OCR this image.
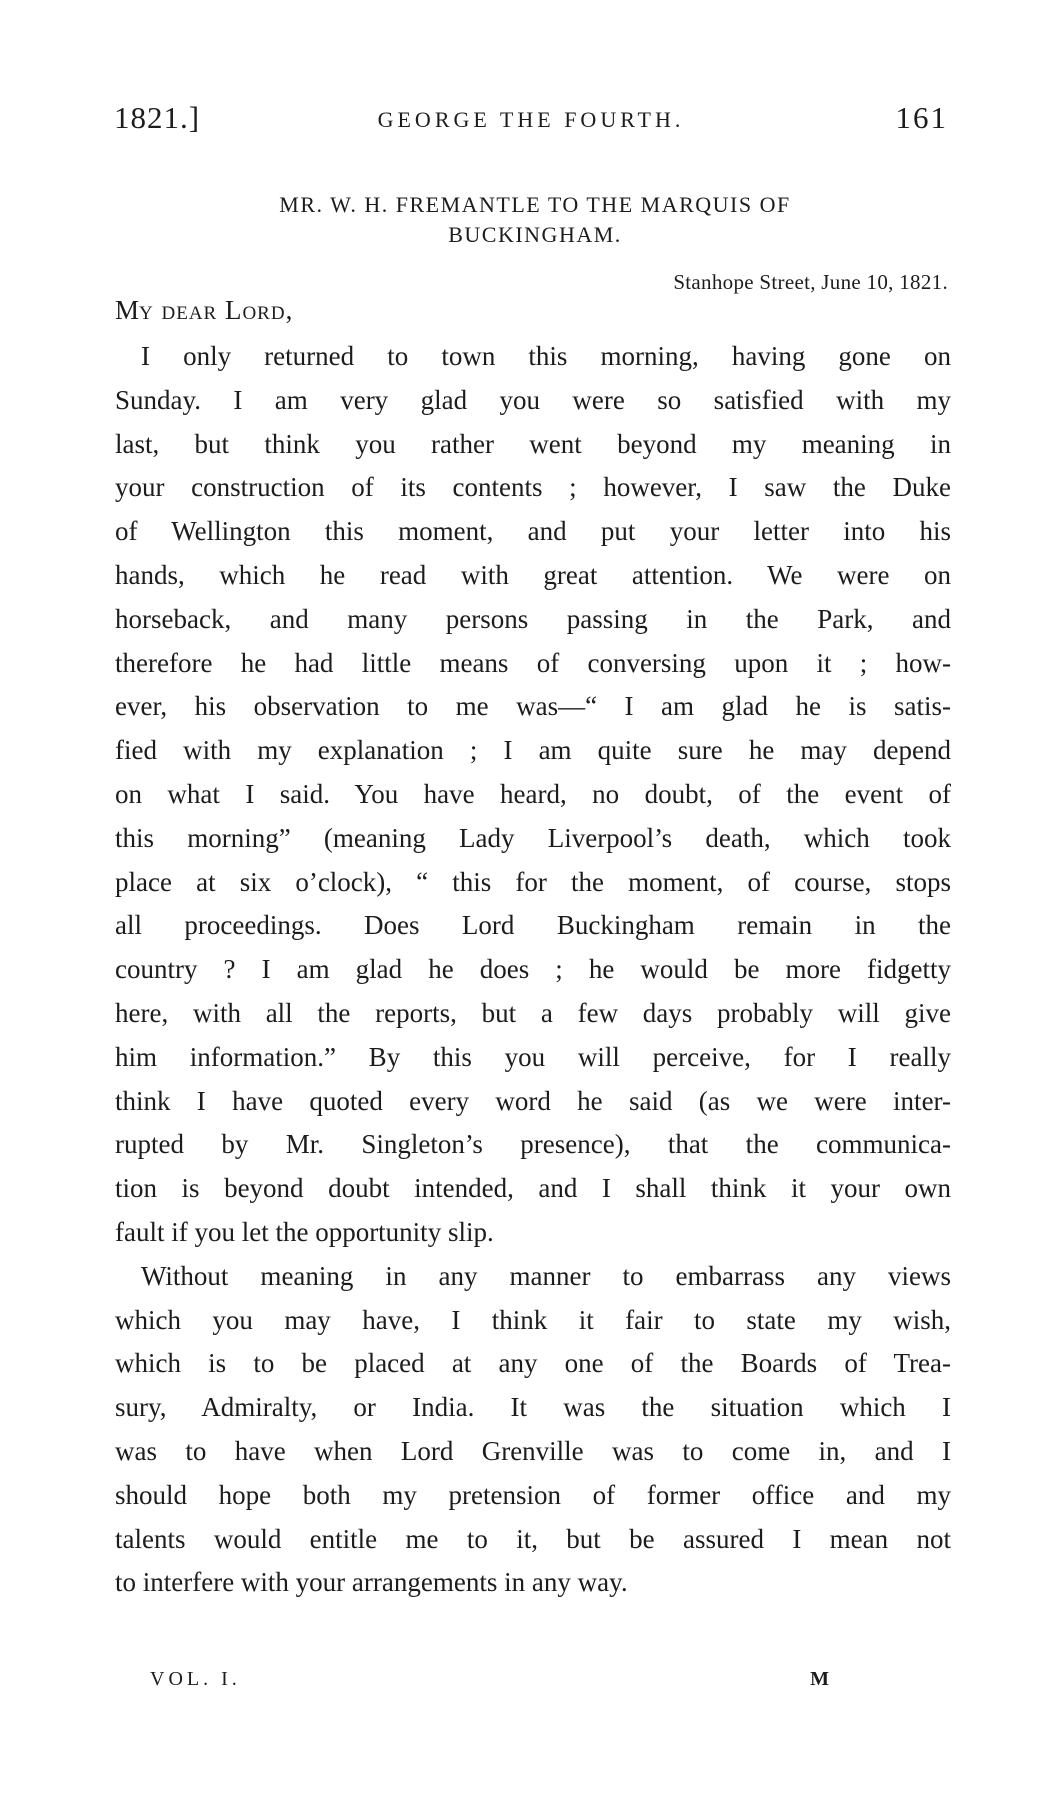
1821.]	GEORGE THE FOURTH.	161
MR. W. H. FREMANTLE TO THE MARQUIS OF
BUCKINGHAM.
Stanhope Street, June 10, 1821.
My dear Lord,
I only returned to town this morning, having gone on
Sunday. I am very glad you were so satisfied with my
last, but think you rather went beyond my meaning in
your construction of its contents ; however, I saw the Duke
of Wellington this moment, and put your letter into his
hands, which he read with great attention. We were on
horseback, and many persons passing in the Park, and
therefore he had little means of conversing upon it ; how-
ever, his observation to me was—“ I am glad he is satis-
fied with my explanation ; I am quite sure he may depend
on what I said. You have heard, no doubt, of the event of
this morning” (meaning Lady Liverpool’s death, which took
place at six o’clock), “ this for the moment, of course, stops
all proceedings. Does Lord Buckingham remain in the
country ? I am glad he does ; he would be more fidgetty
here, with all the reports, but a few days probably will give
him information.” By this you will perceive, for I really
think I have quoted every word he said (as we were inter-
rupted by Mr. Singleton’s presence), that the communica-
tion is beyond doubt intended, and I shall think it your own
fault if you let the opportunity slip.
Without meaning in any manner to embarrass any views
which you may have, I think it fair to state my wish,
which is to be placed at any one of the Boards of Trea-
sury, Admiralty, or India. It was the situation which I
was to have when Lord Grenville was to come in, and I
should hope both my pretension of former office and my
talents would entitle me to it, but be assured I mean not
to interfere with your arrangements in any way.
VOL. I.	M
